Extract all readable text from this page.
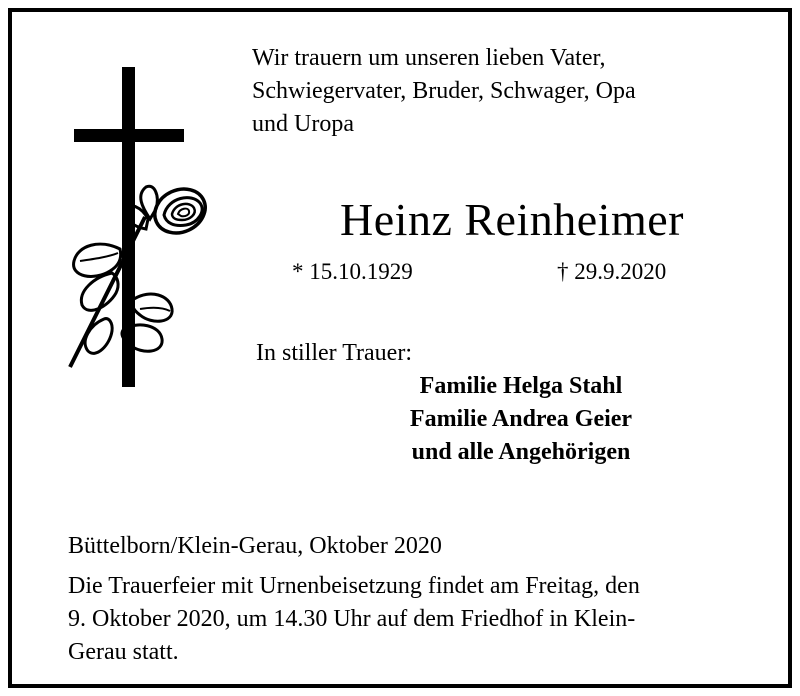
Wir trauern um unseren lieben Vater,
Schwiegervater, Bruder, Schwager, Opa
und Uropa
Heinz Reinheimer
* 15.10.1929	† 29.9.2020
In stiller Trauer:
Familie Helga Stahl
Familie Andrea Geier
und alle Angehörigen
Büttelborn/Klein-Gerau, Oktober 2020
Die Trauerfeier mit Urnenbeisetzung findet am Freitag, den
9. Oktober 2020, um 14.30 Uhr auf dem Friedhof in Klein-
Gerau statt.
